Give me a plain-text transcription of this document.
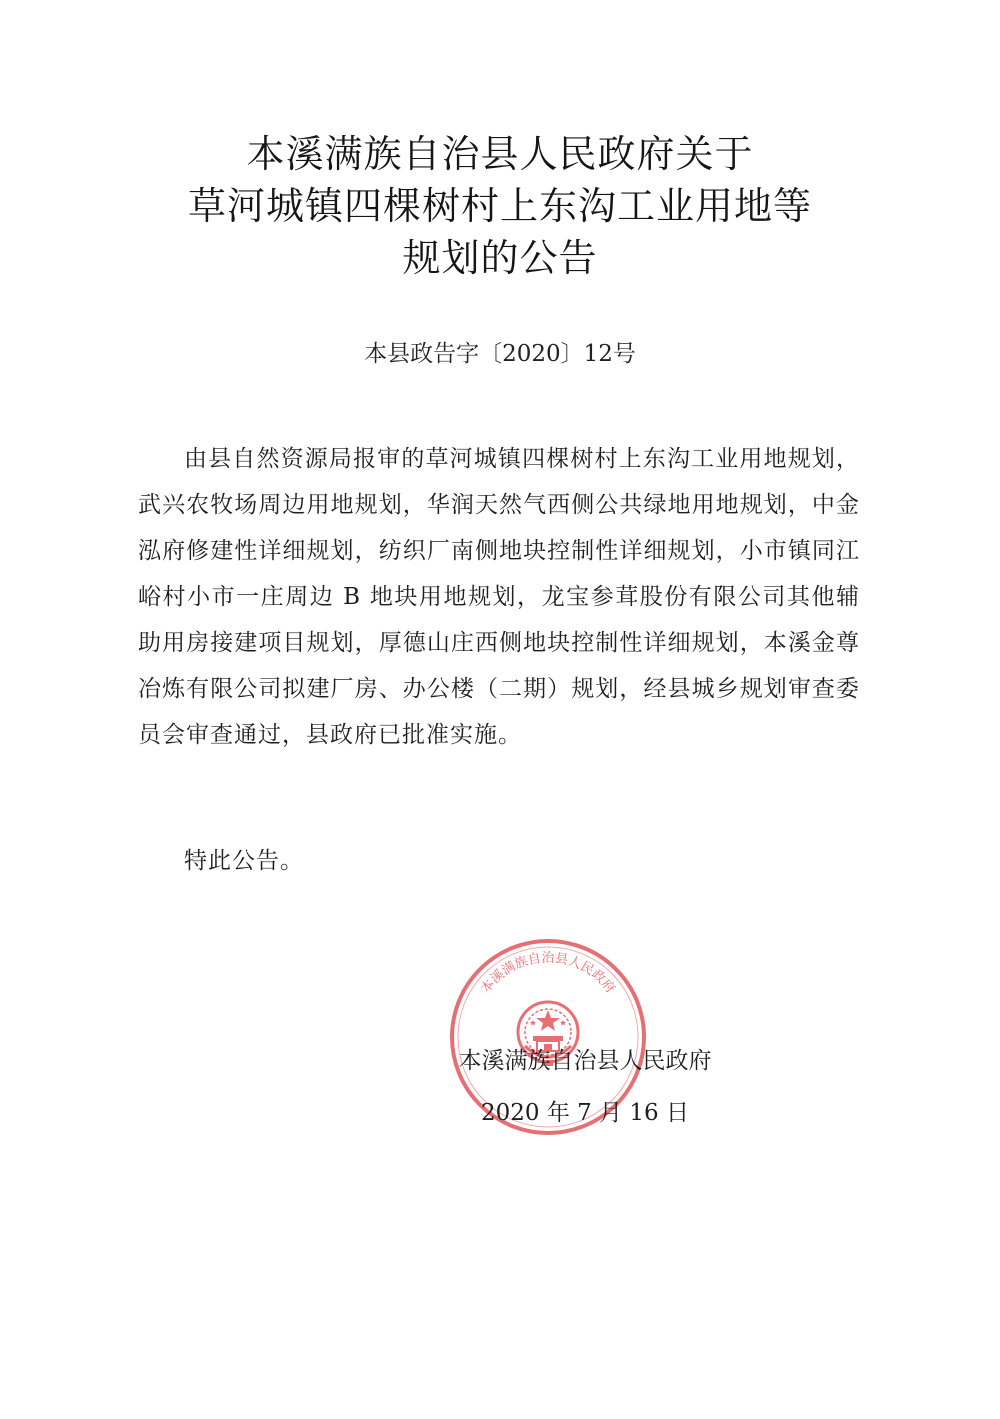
本溪满族自治县人民政府关于
草河城镇四棵树村上东沟工业用地等
规划的公告
本县政告字〔2020〕12号

由县自然资源局报审的草河城镇四棵树村上东沟工业用地规划，武兴农牧场周边用地规划，华润天然气西侧公共绿地用地规划，中金泓府修建性详细规划，纺织厂南侧地块控制性详细规划，小市镇同江峪村小市一庄周边 B 地块用地规划，龙宝参茸股份有限公司其他辅助用房接建项目规划，厚德山庄西侧地块控制性详细规划，本溪金尊冶炼有限公司拟建厂房、办公楼（二期）规划，经县城乡规划审查委员会审查通过，县政府已批准实施。

特此公告。

本溪满族自治县人民政府
本溪满族自治县人民政府
2020 年 7 月 16 日
